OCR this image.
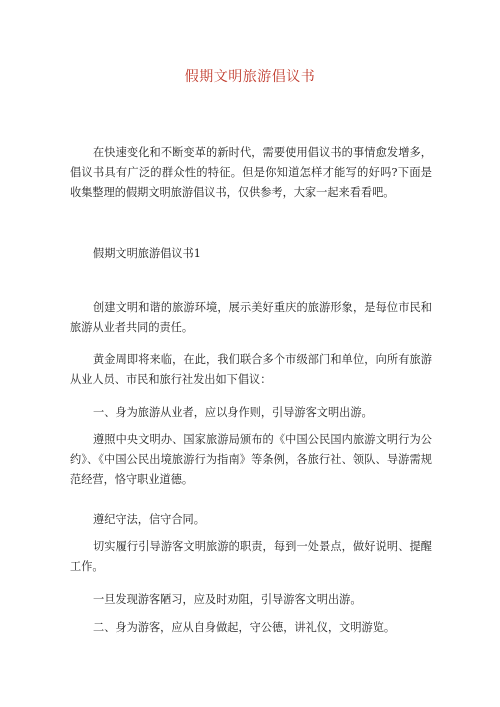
假期文明旅游倡议书
在快速变化和不断变革的新时代，需要使用倡议书的事情愈发增多，倡议书具有广泛的群众性的特征。但是你知道怎样才能写的好吗?下面是收集整理的假期文明旅游倡议书，仅供参考，大家一起来看看吧。
假期文明旅游倡议书1
创建文明和谐的旅游环境，展示美好重庆的旅游形象，是每位市民和旅游从业者共同的责任。
黄金周即将来临，在此，我们联合多个市级部门和单位，向所有旅游从业人员、市民和旅行社发出如下倡议：
一、身为旅游从业者，应以身作则，引导游客文明出游。
遵照中央文明办、国家旅游局颁布的《中国公民国内旅游文明行为公约》、《中国公民出境旅游行为指南》等条例，各旅行社、领队、导游需规范经营，恪守职业道德。
遵纪守法，信守合同。
切实履行引导游客文明旅游的职责，每到一处景点，做好说明、提醒工作。
一旦发现游客陋习，应及时劝阻，引导游客文明出游。
二、身为游客，应从自身做起，守公德，讲礼仪，文明游览。
